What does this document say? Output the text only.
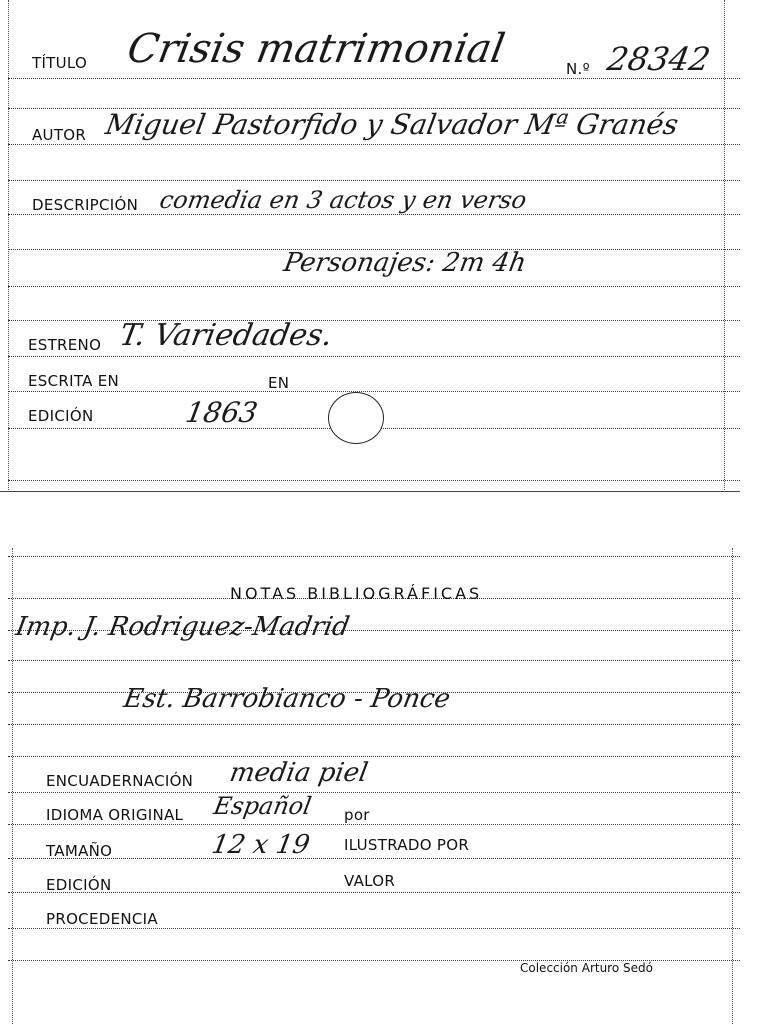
TÍTULO Crisis matrimonial	N.º 28342
AUTOR Miguel Pastorfido y Salvador Mª Granés
DESCRIPCIÓN comedia en 3 actos y en verso
Personajes: 2m 4h
ESTRENO T. Variedades.
ESCRITA EN	EN
EDICIÓN	1863
Imp. J. Rodriguez-Madrid
Est. Barrobianco - Ponce
ENCUADERNACIÓN media piel
IDIOMA ORIGINAL Español por
TAMAÑO	12 x 19 ILUSTRADO POR
EDICIÓN	VALOR
PROCEDENCIA
NOTAS BIBLIOGRÁFICAS
Colección Arturo Sedó
